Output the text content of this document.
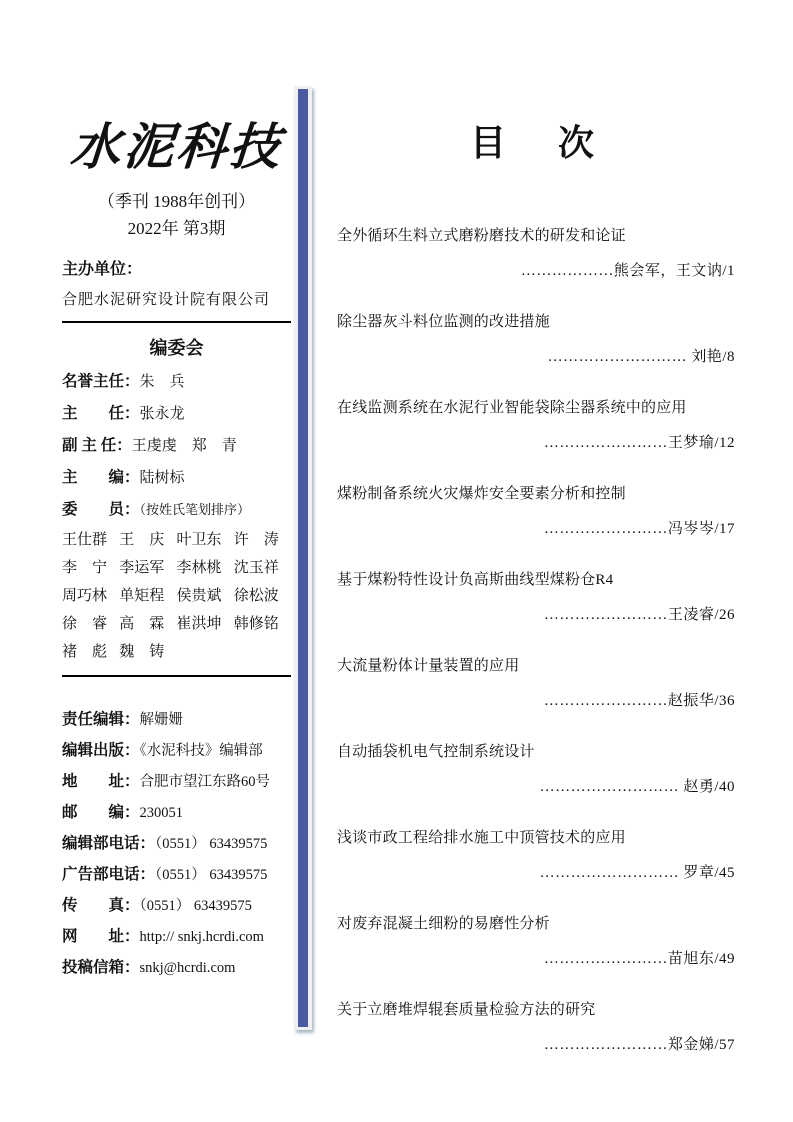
水泥科技
（季刊 1988年创刊）
2022年 第3期
主办单位：
合肥水泥研究设计院有限公司
编委会
名誉主任：朱　兵
主　　任：张永龙
副 主 任：王虔虔　郑　青
主　　编：陆树标
委　　员：（按姓氏笔划排序）
王仕群 王　庆 叶卫东 许　涛
李　宁 李运军 李林桃 沈玉祥
周巧林 单矩程 侯贵斌 徐松波
徐　睿 高　霖 崔洪坤 韩修铭
褚　彪 魏　铸
责任编辑：解姗姗
编辑出版：《水泥科技》编辑部
地　　址：合肥市望江东路60号
邮　　编：230051
编辑部电话：（0551） 63439575
广告部电话：（0551） 63439575
传　　真：（0551） 63439575
网　　址：http:// snkj.hcrdi.com
投稿信箱：snkj@hcrdi.com
目　次
全外循环生料立式磨粉磨技术的研发和论证
………………熊会军，王文讷/1
除尘器灰斗料位监测的改进措施
……………………… 刘艳/8
在线监测系统在水泥行业智能袋除尘器系统中的应用
……………………王梦瑜/12
煤粉制备系统火灾爆炸安全要素分析和控制
……………………冯岑岑/17
基于煤粉特性设计负高斯曲线型煤粉仓R4
……………………王凌睿/26
大流量粉体计量装置的应用
……………………赵振华/36
自动插袋机电气控制系统设计
……………………… 赵勇/40
浅谈市政工程给排水施工中顶管技术的应用
……………………… 罗章/45
对废弃混凝土细粉的易磨性分析
……………………苗旭东/49
关于立磨堆焊辊套质量检验方法的研究
……………………郑金娣/57
